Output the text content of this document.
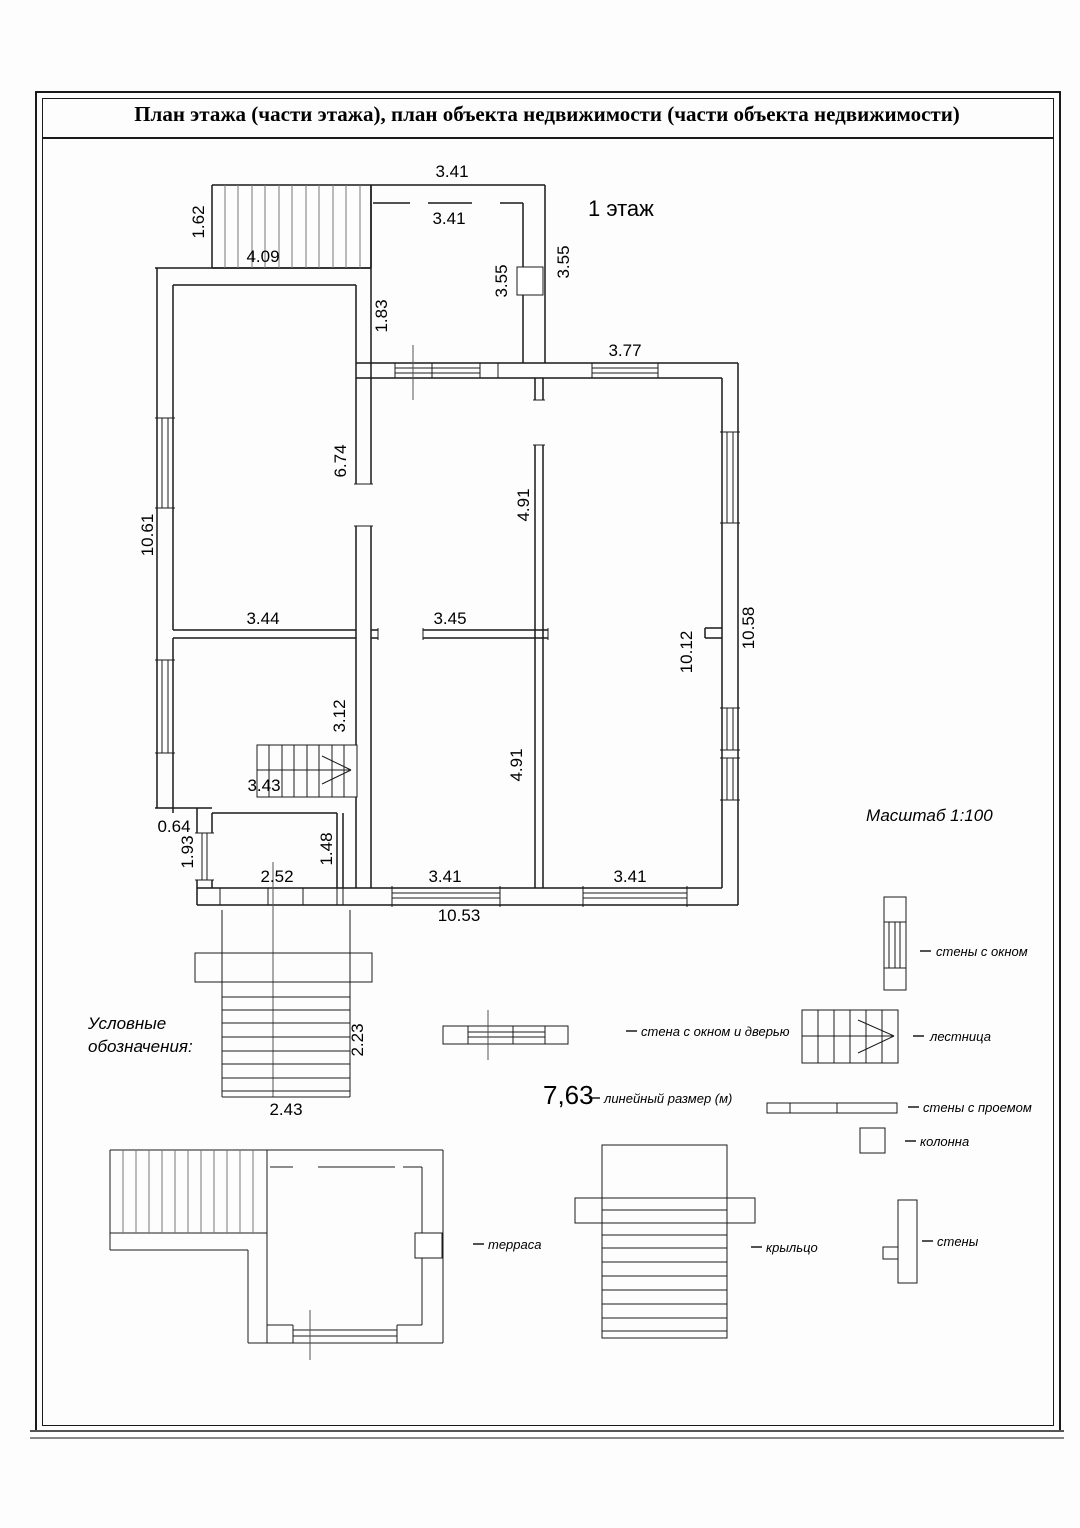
План этажа (части этажа), план объекта недвижимости (части объекта недвижимости)
1 этаж
Масштаб 1:100
Условные
обозначения:
3.41
3.41
1.62
4.09
3.55
3.55
1.83
3.77
6.74
4.91
10.61
3.44	3.45
10.12
10.58
3.12
4.91
3.43
0.64
1.93	1.48
2.52	3.41	3.41
10.53
2.23
2.43
стены с окном
лестница
стены с проемом
колонна
стена с окном и дверью
7,63 линейный размер (м)
терраса	крыльцо	стены
